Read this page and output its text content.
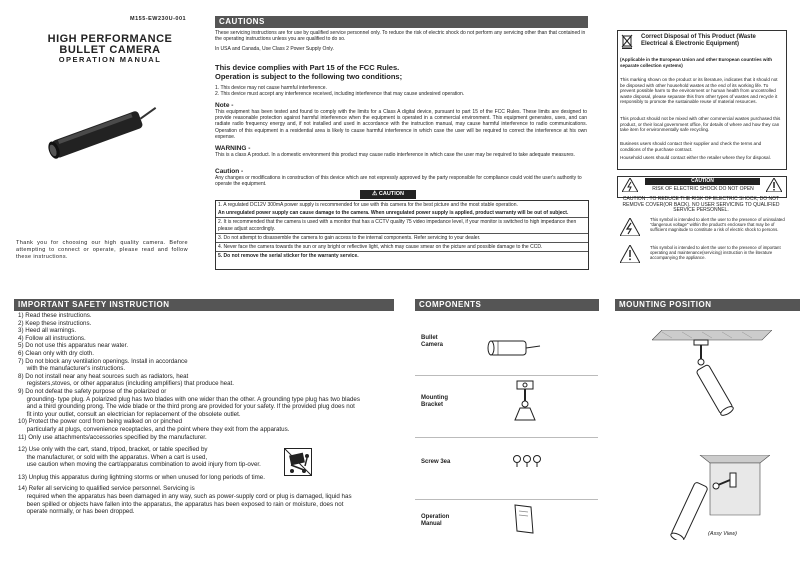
M155-EW230U-001
HIGH PERFORMANCE
BULLET CAMERA
OPERATION MANUAL
Thank you for choosing our high quality camera. Before attempting to connect or operate, please read and follow these instructions.
CAUTIONS
These servicing instructions are for use by qualified service personnel only. To reduce the risk of electric shock do not perform any servicing other than that contained in the operating instructions unless you are qualified to do so.
In USA and Canada, Use Class 2 Power Supply Only.
This device complies with Part 15 of the FCC Rules. Operation is subject to the following two conditions;
1. This device may not cause harmful interference.
2. This device must accept any interference received, including interference that may cause undesired operation.
Note -
This equipment has been tested and found to comply with the limits for a Class A digital device, pursuant to part 15 of the FCC Rules. These limits are designed to provide reasonable protection against harmful interference when the equipment is operated in a commercial environment. This equipment generates, uses, and can radiate radio frequency energy and, if not installed and used in accordance with the instruction manual, may cause harmful interference to radio communications. Operation of this equipment in a residential area is likely to cause harmful interference in which case the user will be required to correct the interference at his own expense.
WARNING -
This is a class A product. In a domestic environment this product may cause radio interference in which case the user may be required to take adequate measures.
Caution -
Any changes or modifications in construction of this device which are not expressly approved by the party responsible for compliance could void the user's authority to operate the equipment.
⚠ CAUTION
1. A regulated DC12V 300mA power supply is recommended for use with this camera for the best picture and the most stable operation.
An unregulated power supply can cause damage to the camera. When unregulated power supply is applied, product warranty will be out of subject.
2. It is recommended that the camera is used with a monitor that has a CCTV quality 75 video impedance level, if your monitor is switched to high impedance then please adjust accordingly.
3. Do not attempt to disassemble the camera to gain access to the internal components. Refer servicing to your dealer.
4. Never face the camera towards the sun or any bright or reflective light, which may cause smear on the picture and possible damage to the CCD.
5. Do not remove the serial sticker for the warranty service.
Correct Disposal of This Product (Waste Electrical & Electronic Equipment)
(Applicable in the European Union and other European countries with separate collection systems)
This marking shown on the product or its literature, indicates that it should not be disposed with other household wastes at the end of its working life. To prevent possible harm to the environment or human health from uncontrolled waste disposal, please separate this from other types of wastes and recycle it responsibly to promote the sustainable reuse of material resources.
This product should not be mixed with other commercial wastes purchased this product, or their local government office, for details of where and how they can take item for environmentally safe recycling.
Business users should contact their supplier and check the terms and conditions of the purchase contract.
Household users should contact either the retailer where they for disposal.
CAUTION
RISK OF ELECTRIC SHOCK DO NOT OPEN
CAUTION : TO REDUCE THE RISK OF ELECTRIC SHOCK, DO NOT REMOVE COVER(OR BACK). NO USER SERVICING TO QUALIFIED SERVICE PERSONNEL.
This symbol is intended to alert the user to the presence of uninsulated "dangerous voltage" within the product's enclosure that may be of sufficient magnitude to constitute a risk of electric shock to persons.
This symbol is intended to alert the user to the presence of important operating and maintenance(servicing) instruction in the literature accompanying the appliance.
IMPORTANT SAFETY INSTRUCTION
1) Read these instructions.
2) Keep these instructions.
3) Heed all warnings.
4) Follow all instructions.
5) Do not use this apparatus near water.
6) Clean only with dry cloth.
7) Do not block any ventilation openings. Install in accordance
with the manufacturer's instructions.
8) Do not install near any heat sources such as radiators, heat
registers,stoves, or other apparatus (including amplifiers) that produce heat.
9) Do not defeat the safety purpose of the polarized or
grounding- type plug. A polarized plug has two blades with one wider than the other. A grounding type plug has two blades
and a third grounding prong. The wide blade or the third prong are provided for your safety. If the provided plug does not
fit into your outlet, consult an electrician for replacement of the obsolete outlet.
10) Protect the power cord from being walked on or pinched
particularly at plugs, convenience receptacles, and the point where they exit from the apparatus.
11) Only use attachments/accessories specified by the manufacturer.
12) Use only with the cart, stand, tripod, bracket, or table specified by
the manufacturer, or sold with the apparatus. When a cart is used,
use caution when moving the cart/apparatus combination to avoid injury from tip-over.
13) Unplug this apparatus during lightning storms or when unused for long periods of time.
14) Refer all servicing to qualified service personnel. Servicing is
required when the apparatus has been damaged in any way, such as power-supply cord or plug is damaged, liquid has
been spilled or objects have fallen into the apparatus, the apparatus has been exposed to rain or moisture, does not
operate normally, or has been dropped.
COMPONENTS
Bullet Camera
Mounting Bracket
Screw 3ea
Operation Manual
MOUNTING POSITION
(Assy View)
